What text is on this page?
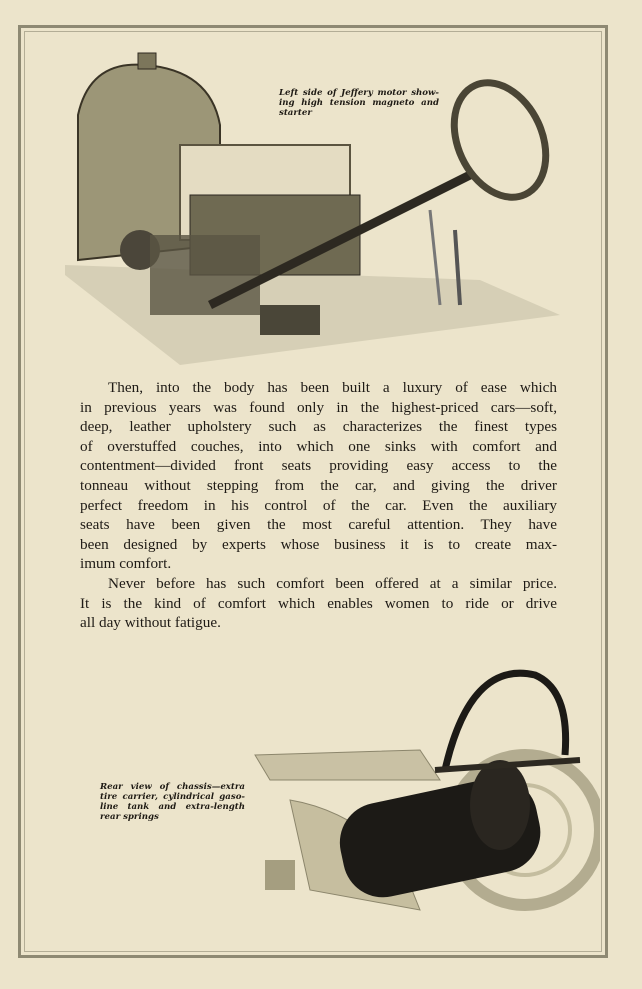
Left side of Jeffery motor show-
ing high tension magneto and
starter

Then, into the body has been built a luxury of ease which
in previous years was found only in the highest-priced cars—soft,
deep, leather upholstery such as characterizes the finest types
of overstuffed couches, into which one sinks with comfort and
contentment—divided front seats providing easy access to the
tonneau without stepping from the car, and giving the driver
perfect freedom in his control of the car. Even the auxiliary
seats have been given the most careful attention. They have
been designed by experts whose business it is to create max-
imum comfort.

Never before has such comfort been offered at a similar price.
It is the kind of comfort which enables women to ride or drive
all day without fatigue.

Rear view of chassis—extra
tire carrier, cylindrical gaso-
line tank and extra-length
rear springs
